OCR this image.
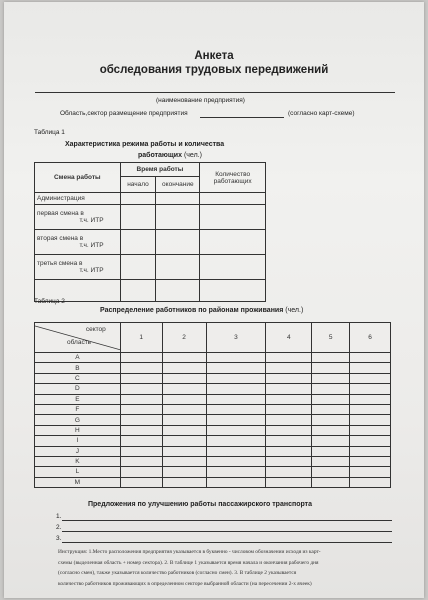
Анкета
обследования трудовых передвижений
(наименование предприятия)
Область,сектор размещение предприятия	(согласно карт-схеме)
Таблица 1
Характеристика режима работы и количества
работающих (чел.)
Смена работы	Время работы		Количество работающих
	начало	окончание	
Администрация			

первая смена в
т.ч. ИТР			

вторая смена в
т.ч. ИТР			

третья смена в
т.ч. ИТР			

Таблица 2
Распределение работников по районам проживания (чел.)
сектор
область	1	2	3	4	5	6
A						
B						
C						
D						
E						
F						
G						
H						
I						
J						
K						
L						
M						
Предложения по улучшению работы пассажирского транспорта
1.
2.
3.
Инструкция: 1.Место расположения предприятия указывается в буквенно - числовом обозначении исходя из карт-
схемы (выделенная область + номер сектора). 2. В таблице 1 указывается время начала и окончания рабочего дня
(согласно смен), также указывается количество работников (согласно смен). 3. В таблице 2 указывается
количество работников проживающих в определенном секторе выбранной области (на пересечении 2-х ячеек)
